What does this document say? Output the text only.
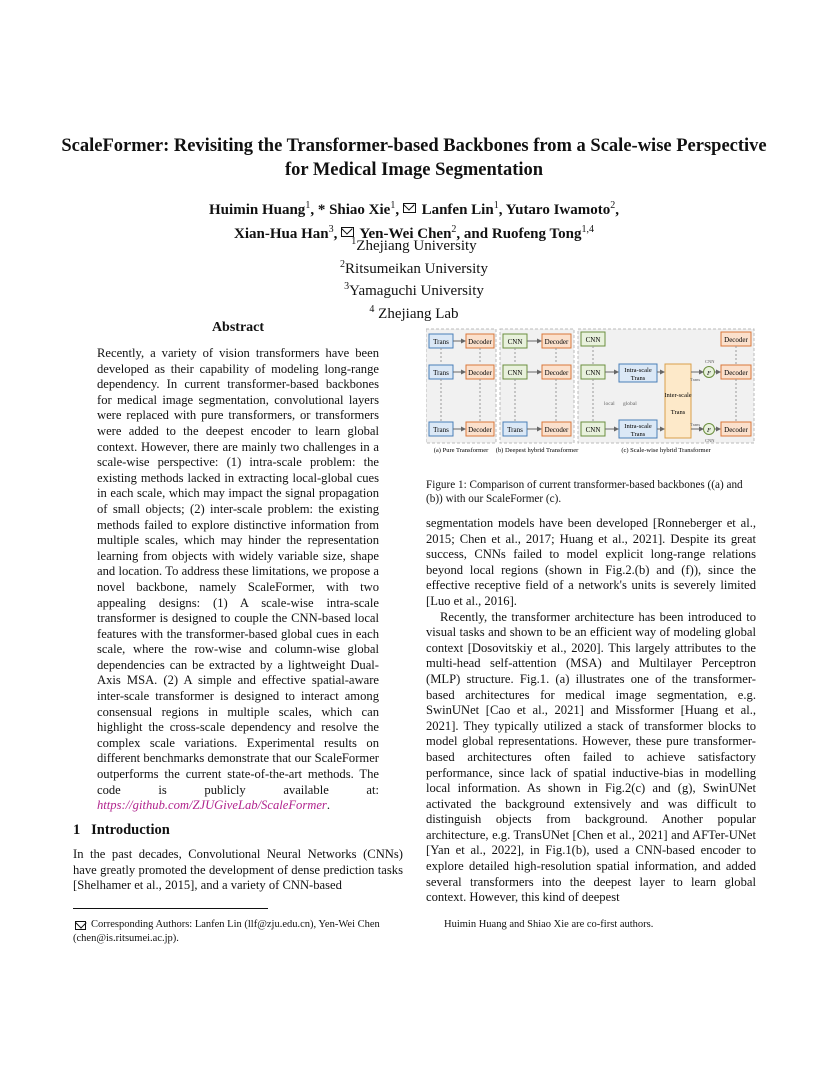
ScaleFormer: Revisiting the Transformer-based Backbones from a Scale-wise Perspective for Medical Image Segmentation
Huimin Huang$^1$, * Shiao Xie$^1$,  Lanfen Lin$^1$, Yutaro Iwamoto$^2$,
Xian-Hua Han$^3$,  Yen-Wei Chen$^2$, and Ruofeng Tong$^{1,4}$
$^1$Zhejiang University
$^2$Ritsumeikan University
$^3$Yamaguchi University
$^4$ Zhejiang Lab
Abstract
Recently, a variety of vision transformers have been developed as their capability of modeling long-range dependency. In current transformer-based backbones for medical image segmentation, convolutional layers were replaced with pure transformers, or transformers were added to the deepest encoder to learn global context. However, there are mainly two challenges in a scale-wise perspective: (1) intra-scale problem: the existing methods lacked in extracting local-global cues in each scale, which may impact the signal propagation of small objects; (2) inter-scale problem: the existing methods failed to explore distinctive information from multiple scales, which may hinder the representation learning from objects with widely variable size, shape and location. To address these limitations, we propose a novel backbone, namely ScaleFormer, with two appealing designs: (1) A scale-wise intra-scale transformer is designed to couple the CNN-based local features with the transformer-based global cues in each scale, where the row-wise and column-wise global dependencies can be extracted by a lightweight Dual-Axis MSA. (2) A simple and effective spatial-aware inter-scale transformer is designed to interact among consensual regions in multiple scales, which can highlight the cross-scale dependency and resolve the complex scale variations. Experimental results on different benchmarks demonstrate that our ScaleFormer outperforms the current state-of-the-art methods. The code is publicly available at: https://github.com/ZJUGiveLab/ScaleFormer.
1 Introduction
In the past decades, Convolutional Neural Networks (CNNs) have greatly promoted the development of dense prediction tasks [Shelhamer et al., 2015], and a variety of CNN-based
Corresponding Authors: Lanfen Lin (llf@zju.edu.cn), Yen-Wei Chen (chen@is.ritsumei.ac.jp).
Huimin Huang and Shiao Xie are co-first authors.
Trans
Trans
Trans
Decoder
Decoder
Decoder
CNN
CNN
Trans
Decoder
Decoder
Decoder
CNN
CNN
CNN
Intra-scale
Trans
Intra-scale
Trans
local global
Inter-scale
Trans
F
F
Trans
Trans
CNN
CNN
Decoder
Decoder
Decoder
(a) Pure Transformer (b) Deepest hybrid Transformer	(c) Scale-wise hybrid Transformer
Figure 1: Comparison of current transformer-based backbones ((a) and (b)) with our ScaleFormer (c).

segmentation models have been developed [Ronneberger et al., 2015; Chen et al., 2017; Huang et al., 2021]. Despite its great success, CNNs failed to model explicit long-range relations beyond local regions (shown in Fig.2.(b) and (f)), since the effective receptive field of a network's units is severely limited [Luo et al., 2016].

Recently, the transformer architecture has been introduced to visual tasks and shown to be an efficient way of modeling global context [Dosovitskiy et al., 2020]. This largely attributes to the multi-head self-attention (MSA) and Multilayer Perceptron (MLP) structure. Fig.1. (a) illustrates one of the transformer-based architectures for medical image segmentation, e.g. SwinUNet [Cao et al., 2021] and Missformer [Huang et al., 2021]. They typically utilized a stack of transformer blocks to model global representations. However, these pure transformer-based architectures often failed to achieve satisfactory performance, since lack of spatial inductive-bias in modelling local information. As shown in Fig.2(c) and (g), SwinUNet activated the background extensively and was difficult to distinguish objects from background. Another popular architecture, e.g. TransUNet [Chen et al., 2021] and AFTer-UNet [Yan et al., 2022], in Fig.1(b), used a CNN-based encoder to explore detailed high-resolution spatial information, and added several transformers into the deepest layer to learn global context. However, this kind of deepest
